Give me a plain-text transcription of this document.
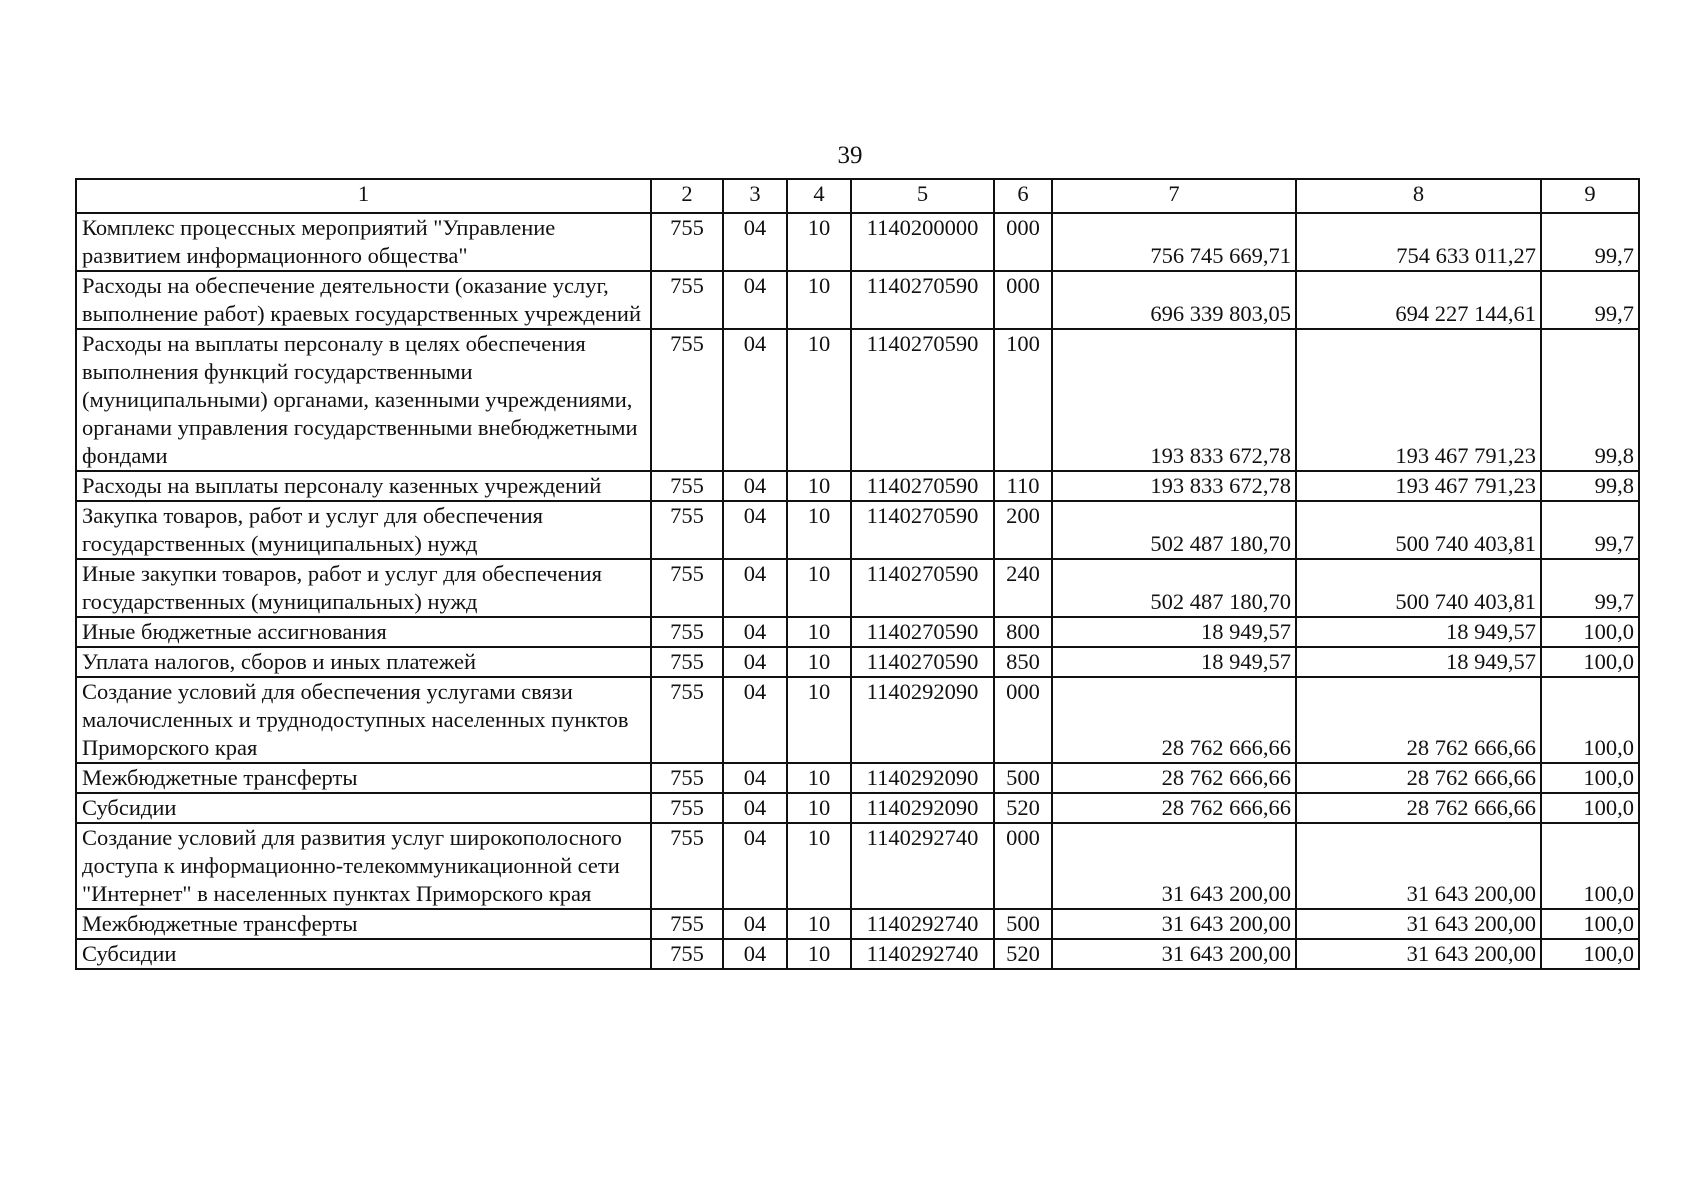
39
1	2	3	4	5	6	7	8	9
Комплекс процессных мероприятий "Управление развитием информационного общества"	755	04	10	1140200000	000	756 745 669,71	754 633 011,27	99,7
Расходы на обеспечение деятельности (оказание услуг, выполнение работ) краевых государственных учреждений	755	04	10	1140270590	000	696 339 803,05	694 227 144,61	99,7
Расходы на выплаты персоналу в целях обеспечения выполнения функций государственными (муниципальными) органами, казенными учреждениями, органами управления государственными внебюджетными фондами	755	04	10	1140270590	100	193 833 672,78	193 467 791,23	99,8
Расходы на выплаты персоналу казенных учреждений	755	04	10	1140270590	110	193 833 672,78	193 467 791,23	99,8
Закупка товаров, работ и услуг для обеспечения государственных (муниципальных) нужд	755	04	10	1140270590	200	502 487 180,70	500 740 403,81	99,7
Иные закупки товаров, работ и услуг для обеспечения государственных (муниципальных) нужд	755	04	10	1140270590	240	502 487 180,70	500 740 403,81	99,7
Иные бюджетные ассигнования	755	04	10	1140270590	800	18 949,57	18 949,57	100,0
Уплата налогов, сборов и иных платежей	755	04	10	1140270590	850	18 949,57	18 949,57	100,0
Создание условий для обеспечения услугами связи малочисленных и труднодоступных населенных пунктов Приморского края	755	04	10	1140292090	000	28 762 666,66	28 762 666,66	100,0
Межбюджетные трансферты	755	04	10	1140292090	500	28 762 666,66	28 762 666,66	100,0
Субсидии	755	04	10	1140292090	520	28 762 666,66	28 762 666,66	100,0
Создание условий для развития услуг широкополосного доступа к информационно-телекоммуникационной сети "Интернет" в населенных пунктах Приморского края	755	04	10	1140292740	000	31 643 200,00	31 643 200,00	100,0
Межбюджетные трансферты	755	04	10	1140292740	500	31 643 200,00	31 643 200,00	100,0
Субсидии	755	04	10	1140292740	520	31 643 200,00	31 643 200,00	100,0
